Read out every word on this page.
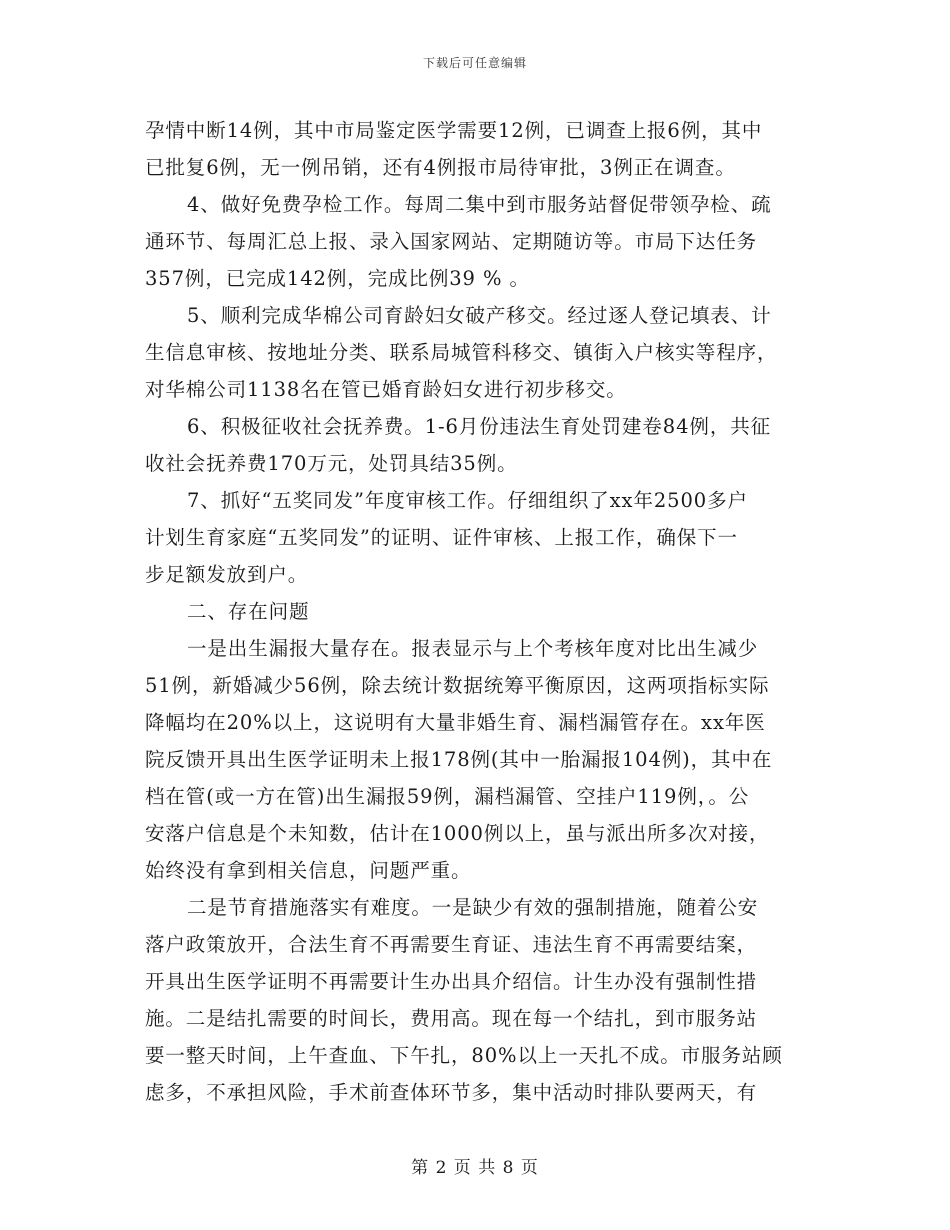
下载后可任意编辑
孕情中断14例，其中市局鉴定医学需要12例，已调查上报6例，其中
已批复6例，无一例吊销，还有4例报市局待审批，3例正在调查。
4、做好免费孕检工作。每周二集中到市服务站督促带领孕检、疏
通环节、每周汇总上报、录入国家网站、定期随访等。市局下达任务
357例，已完成142例，完成比例39 % 。
5、顺利完成华棉公司育龄妇女破产移交。经过逐人登记填表、计
生信息审核、按地址分类、联系局城管科移交、镇街入户核实等程序，
对华棉公司1138名在管已婚育龄妇女进行初步移交。
6、积极征收社会抚养费。1-6月份违法生育处罚建卷84例，共征
收社会抚养费170万元，处罚具结35例。
7、抓好“五奖同发”年度审核工作。仔细组织了xx年2500多户
计划生育家庭“五奖同发”的证明、证件审核、上报工作，确保下一
步足额发放到户。
二、存在问题
一是出生漏报大量存在。报表显示与上个考核年度对比出生减少
51例，新婚减少56例，除去统计数据统筹平衡原因，这两项指标实际
降幅均在20%以上，这说明有大量非婚生育、漏档漏管存在。xx年医
院反馈开具出生医学证明未上报178例(其中一胎漏报104例)，其中在
档在管(或一方在管)出生漏报59例，漏档漏管、空挂户119例，。公
安落户信息是个未知数，估计在1000例以上，虽与派出所多次对接，
始终没有拿到相关信息，问题严重。
二是节育措施落实有难度。一是缺少有效的强制措施，随着公安
落户政策放开，合法生育不再需要生育证、违法生育不再需要结案，
开具出生医学证明不再需要计生办出具介绍信。计生办没有强制性措
施。二是结扎需要的时间长，费用高。现在每一个结扎，到市服务站
要一整天时间，上午查血、下午扎，80%以上一天扎不成。市服务站顾
虑多，不承担风险，手术前查体环节多，集中活动时排队要两天，有
第 2 页 共 8 页
